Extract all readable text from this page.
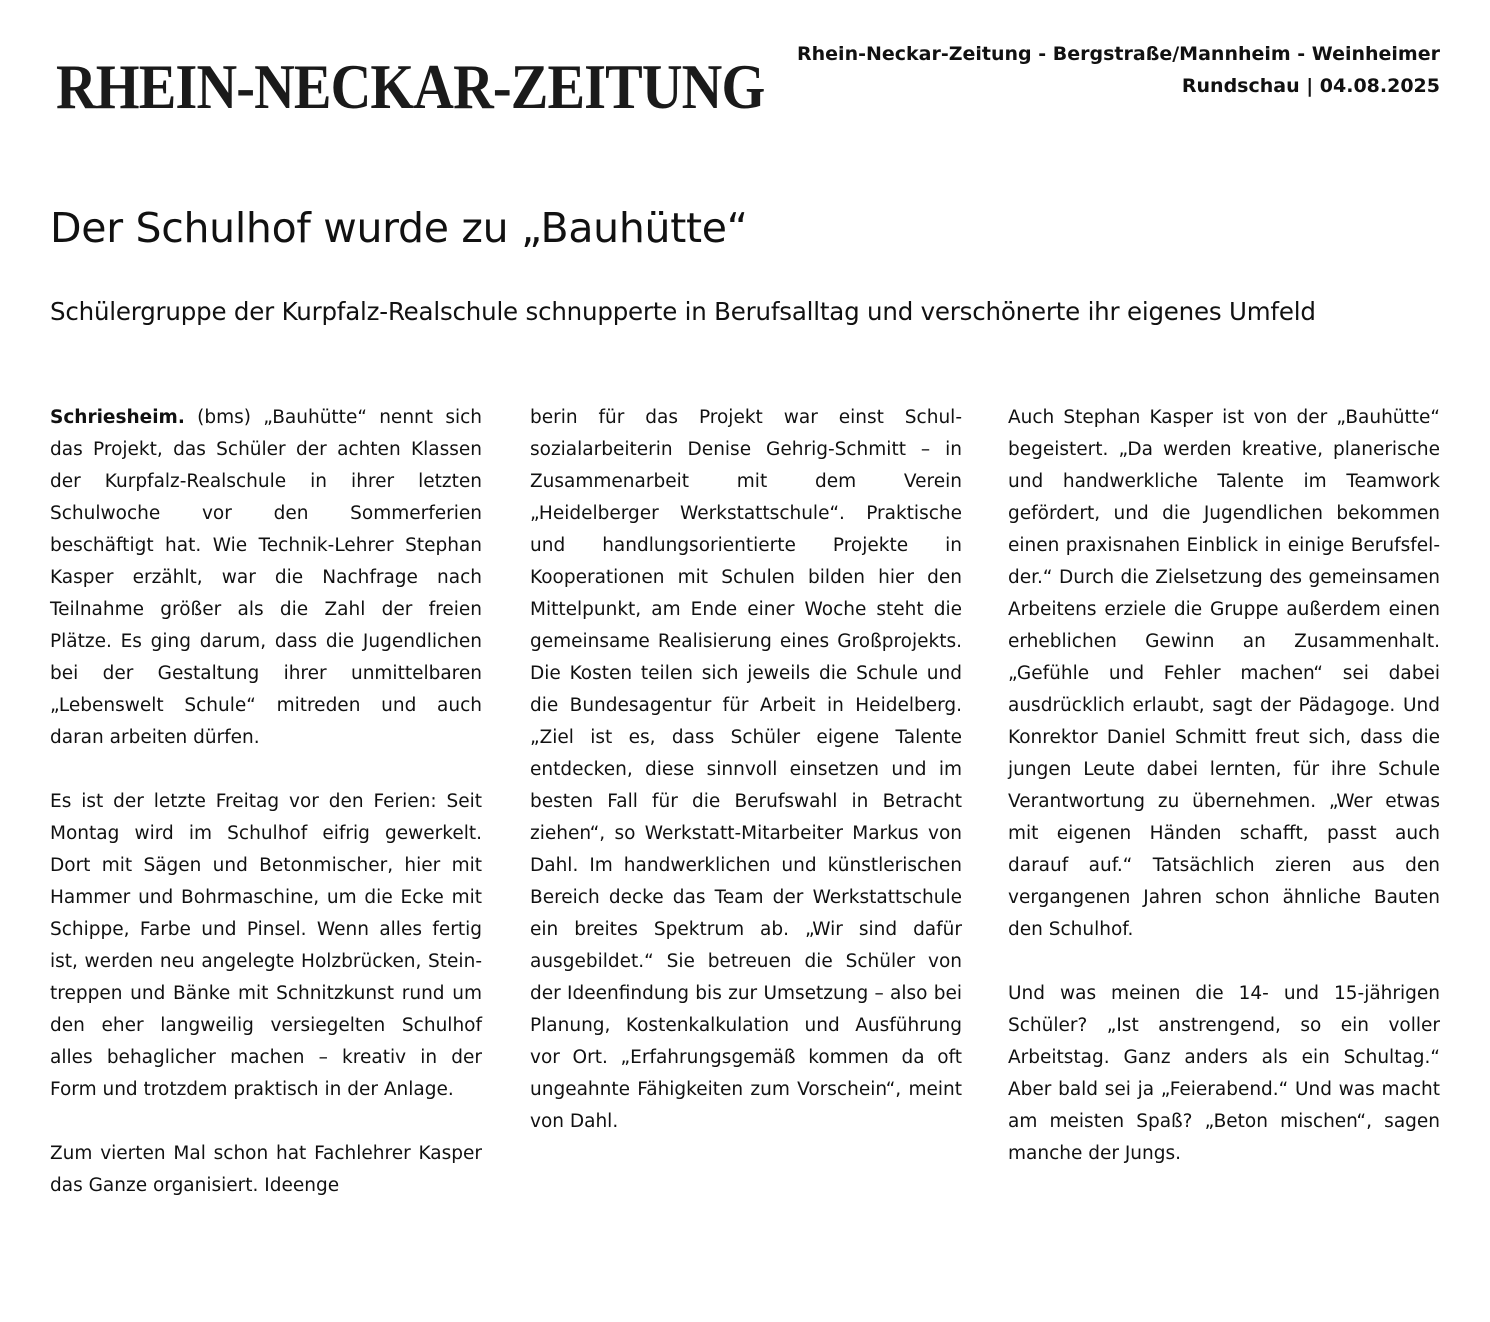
RHEIN-NECKAR-ZEITUNG	Rhein-Neckar-Zeitung - Bergstraße/Mannheim - Weinheimer
Rundschau | 04.08.2025
Der Schulhof wurde zu „Bauhütte“
Schülergruppe der Kurpfalz-Realschule schnupperte in Berufsalltag und verschönerte ihr eigenes Umfeld

Schriesheim. (bms) „Bauhütte“ nennt sich das Projekt, das Schüler der achten Klassen der Kurpfalz-Realschule in ihrer letzten Schulwoche vor den Sommerferien beschäftigt hat. Wie Technik-Lehrer Stephan Kasper erzählt, war die Nachfrage nach Teilnahme größer als die Zahl der freien Plätze. Es ging darum, dass die Jugendlichen bei der Gestaltung ihrer unmittelbaren „Lebenswelt Schule“ mitreden und auch daran arbeiten dürfen.

Es ist der letzte Freitag vor den Ferien: Seit Montag wird im Schulhof eifrig gewerkelt. Dort mit Sägen und Betonmischer, hier mit Hammer und Bohrmaschine, um die Ecke mit Schippe, Farbe und Pinsel. Wenn alles fertig ist, werden neu angelegte Holzbrücken, Steintreppen und Bänke mit Schnitzkunst rund um den eher langweilig versiegelten Schulhof alles behaglicher machen – kreativ in der Form und trotzdem praktisch in der Anlage.

Zum vierten Mal schon hat Fachlehrer Kasper das Ganze organisiert. Ideenge

berin für das Projekt war einst Schulsozialarbeiterin Denise Gehrig-Schmitt – in Zusammenarbeit mit dem Verein „Heidelberger Werkstattschule“. Praktische und handlungsorientierte Projekte in Kooperationen mit Schulen bilden hier den Mittelpunkt, am Ende einer Woche steht die gemeinsame Realisierung eines Großprojekts. Die Kosten teilen sich jeweils die Schule und die Bundesagentur für Arbeit in Heidelberg. „Ziel ist es, dass Schüler eigene Talente entdecken, diese sinnvoll einsetzen und im besten Fall für die Berufswahl in Betracht ziehen“, so Werkstatt-Mitarbeiter Markus von Dahl. Im handwerklichen und künstlerischen Bereich decke das Team der Werkstattschule ein breites Spektrum ab. „Wir sind dafür ausgebildet.“ Sie betreuen die Schüler von der Ideenfindung bis zur Umsetzung – also bei Planung, Kostenkalkulation und Ausführung vor Ort. „Erfahrungsgemäß kommen da oft ungeahnte Fähigkeiten zum Vorschein“, meint von Dahl.

Auch Stephan Kasper ist von der „Bauhütte“ begeistert. „Da werden kreative, planerische und handwerkliche Talente im Teamwork gefördert, und die Jugendlichen bekommen einen praxisnahen Einblick in einige Berufsfelder.“ Durch die Zielsetzung des gemeinsamen Arbeitens erziele die Gruppe außerdem einen erheblichen Gewinn an Zusammenhalt. „Gefühle und Fehler machen“ sei dabei ausdrücklich erlaubt, sagt der Pädagoge. Und Konrektor Daniel Schmitt freut sich, dass die jungen Leute dabei lernten, für ihre Schule Verantwortung zu übernehmen. „Wer etwas mit eigenen Händen schafft, passt auch darauf auf.“ Tatsächlich zieren aus den vergangenen Jahren schon ähnliche Bauten den Schulhof.

Und was meinen die 14- und 15-jährigen Schüler? „Ist anstrengend, so ein voller Arbeitstag. Ganz anders als ein Schultag.“ Aber bald sei ja „Feierabend.“ Und was macht am meisten Spaß? „Beton mischen“, sagen manche der Jungs.
